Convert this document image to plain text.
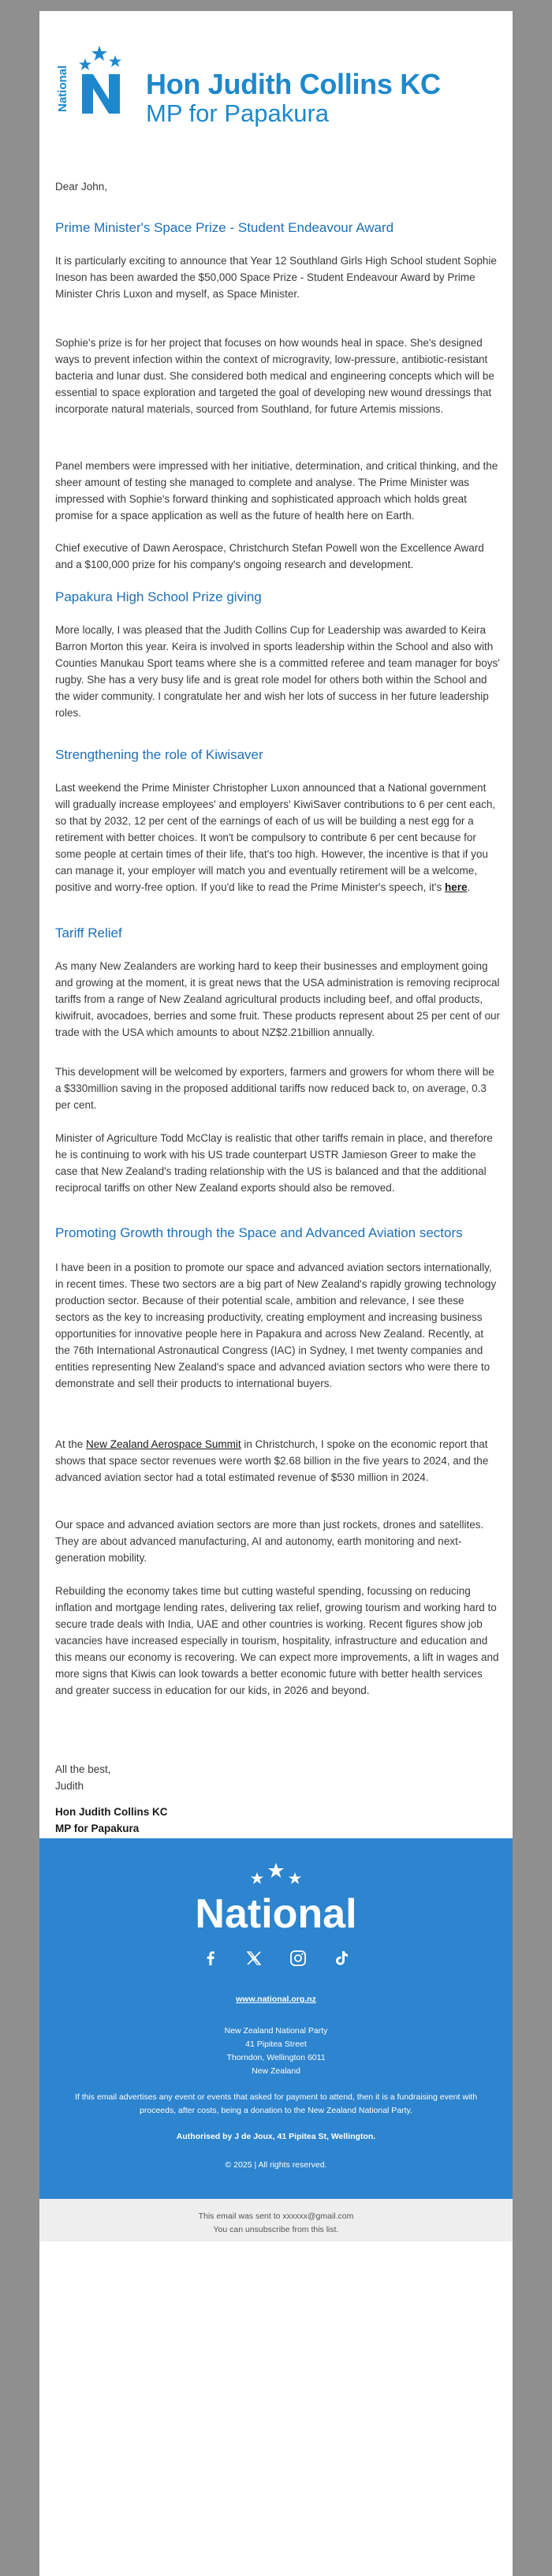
National	Hon Judith Collins KC
MP for Papakura

Dear John,

Prime Minister's Space Prize - Student Endeavour Award

It is particularly exciting to announce that Year 12 Southland Girls High School student Sophie Ineson has been awarded the $50,000 Space Prize - Student Endeavour Award by Prime Minister Chris Luxon and myself, as Space Minister.

Sophie's prize is for her project that focuses on how wounds heal in space. She's designed ways to prevent infection within the context of microgravity, low-pressure, antibiotic-resistant bacteria and lunar dust. She considered both medical and engineering concepts which will be essential to space exploration and targeted the goal of developing new wound dressings that incorporate natural materials, sourced from Southland, for future Artemis missions.

Panel members were impressed with her initiative, determination, and critical thinking, and the sheer amount of testing she managed to complete and analyse. The Prime Minister was impressed with Sophie's forward thinking and sophisticated approach which holds great promise for a space application as well as the future of health here on Earth.

Chief executive of Dawn Aerospace, Christchurch Stefan Powell won the Excellence Award and a $100,000 prize for his company's ongoing research and development.

Papakura High School Prize giving

More locally, I was pleased that the Judith Collins Cup for Leadership was awarded to Keira Barron Morton this year. Keira is involved in sports leadership within the School and also with Counties Manukau Sport teams where she is a committed referee and team manager for boys' rugby. She has a very busy life and is great role model for others both within the School and the wider community. I congratulate her and wish her lots of success in her future leadership roles.

Strengthening the role of Kiwisaver

Last weekend the Prime Minister Christopher Luxon announced that a National government will gradually increase employees' and employers' KiwiSaver contributions to 6 per cent each, so that by 2032, 12 per cent of the earnings of each of us will be building a nest egg for a retirement with better choices. It won't be compulsory to contribute 6 per cent because for some people at certain times of their life, that's too high. However, the incentive is that if you can manage it, your employer will match you and eventually retirement will be a welcome, positive and worry-free option. If you'd like to read the Prime Minister's speech, it's here.

Tariff Relief

As many New Zealanders are working hard to keep their businesses and employment going and growing at the moment, it is great news that the USA administration is removing reciprocal tariffs from a range of New Zealand agricultural products including beef, and offal products, kiwifruit, avocadoes, berries and some fruit. These products represent about 25 per cent of our trade with the USA which amounts to about NZ$2.21billion annually.

This development will be welcomed by exporters, farmers and growers for whom there will be a $330million saving in the proposed additional tariffs now reduced back to, on average, 0.3 per cent.

Minister of Agriculture Todd McClay is realistic that other tariffs remain in place, and therefore he is continuing to work with his US trade counterpart USTR Jamieson Greer to make the case that New Zealand's trading relationship with the US is balanced and that the additional reciprocal tariffs on other New Zealand exports should also be removed.

Promoting Growth through the Space and Advanced Aviation sectors

I have been in a position to promote our space and advanced aviation sectors internationally, in recent times. These two sectors are a big part of New Zealand's rapidly growing technology production sector. Because of their potential scale, ambition and relevance, I see these sectors as the key to increasing productivity, creating employment and increasing business opportunities for innovative people here in Papakura and across New Zealand. Recently, at the 76th International Astronautical Congress (IAC) in Sydney, I met twenty companies and entities representing New Zealand's space and advanced aviation sectors who were there to demonstrate and sell their products to international buyers.

At the New Zealand Aerospace Summit in Christchurch, I spoke on the economic report that shows that space sector revenues were worth $2.68 billion in the five years to 2024, and the advanced aviation sector had a total estimated revenue of $530 million in 2024.

Our space and advanced aviation sectors are more than just rockets, drones and satellites. They are about advanced manufacturing, AI and autonomy, earth monitoring and next-generation mobility.

Rebuilding the economy takes time but cutting wasteful spending, focussing on reducing inflation and mortgage lending rates, delivering tax relief, growing tourism and working hard to secure trade deals with India, UAE and other countries is working. Recent figures show job vacancies have increased especially in tourism, hospitality, infrastructure and education and this means our economy is recovering. We can expect more improvements, a lift in wages and more signs that Kiwis can look towards a better economic future with better health services and greater success in education for our kids, in 2026 and beyond.

All the best,
Judith

Hon Judith Collins KC
MP for Papakura

National
www.national.org.nz
New Zealand National Party
41 Pipitea Street
Thorndon, Wellington 6011
New Zealand
If this email advertises any event or events that asked for payment to attend, then it is a fundraising event with proceeds, after costs, being a donation to the New Zealand National Party.
Authorised by J de Joux, 41 Pipitea St, Wellington.
© 2025 | All rights reserved.
This email was sent to xxxxxx@gmail.com
You can unsubscribe from this list.
